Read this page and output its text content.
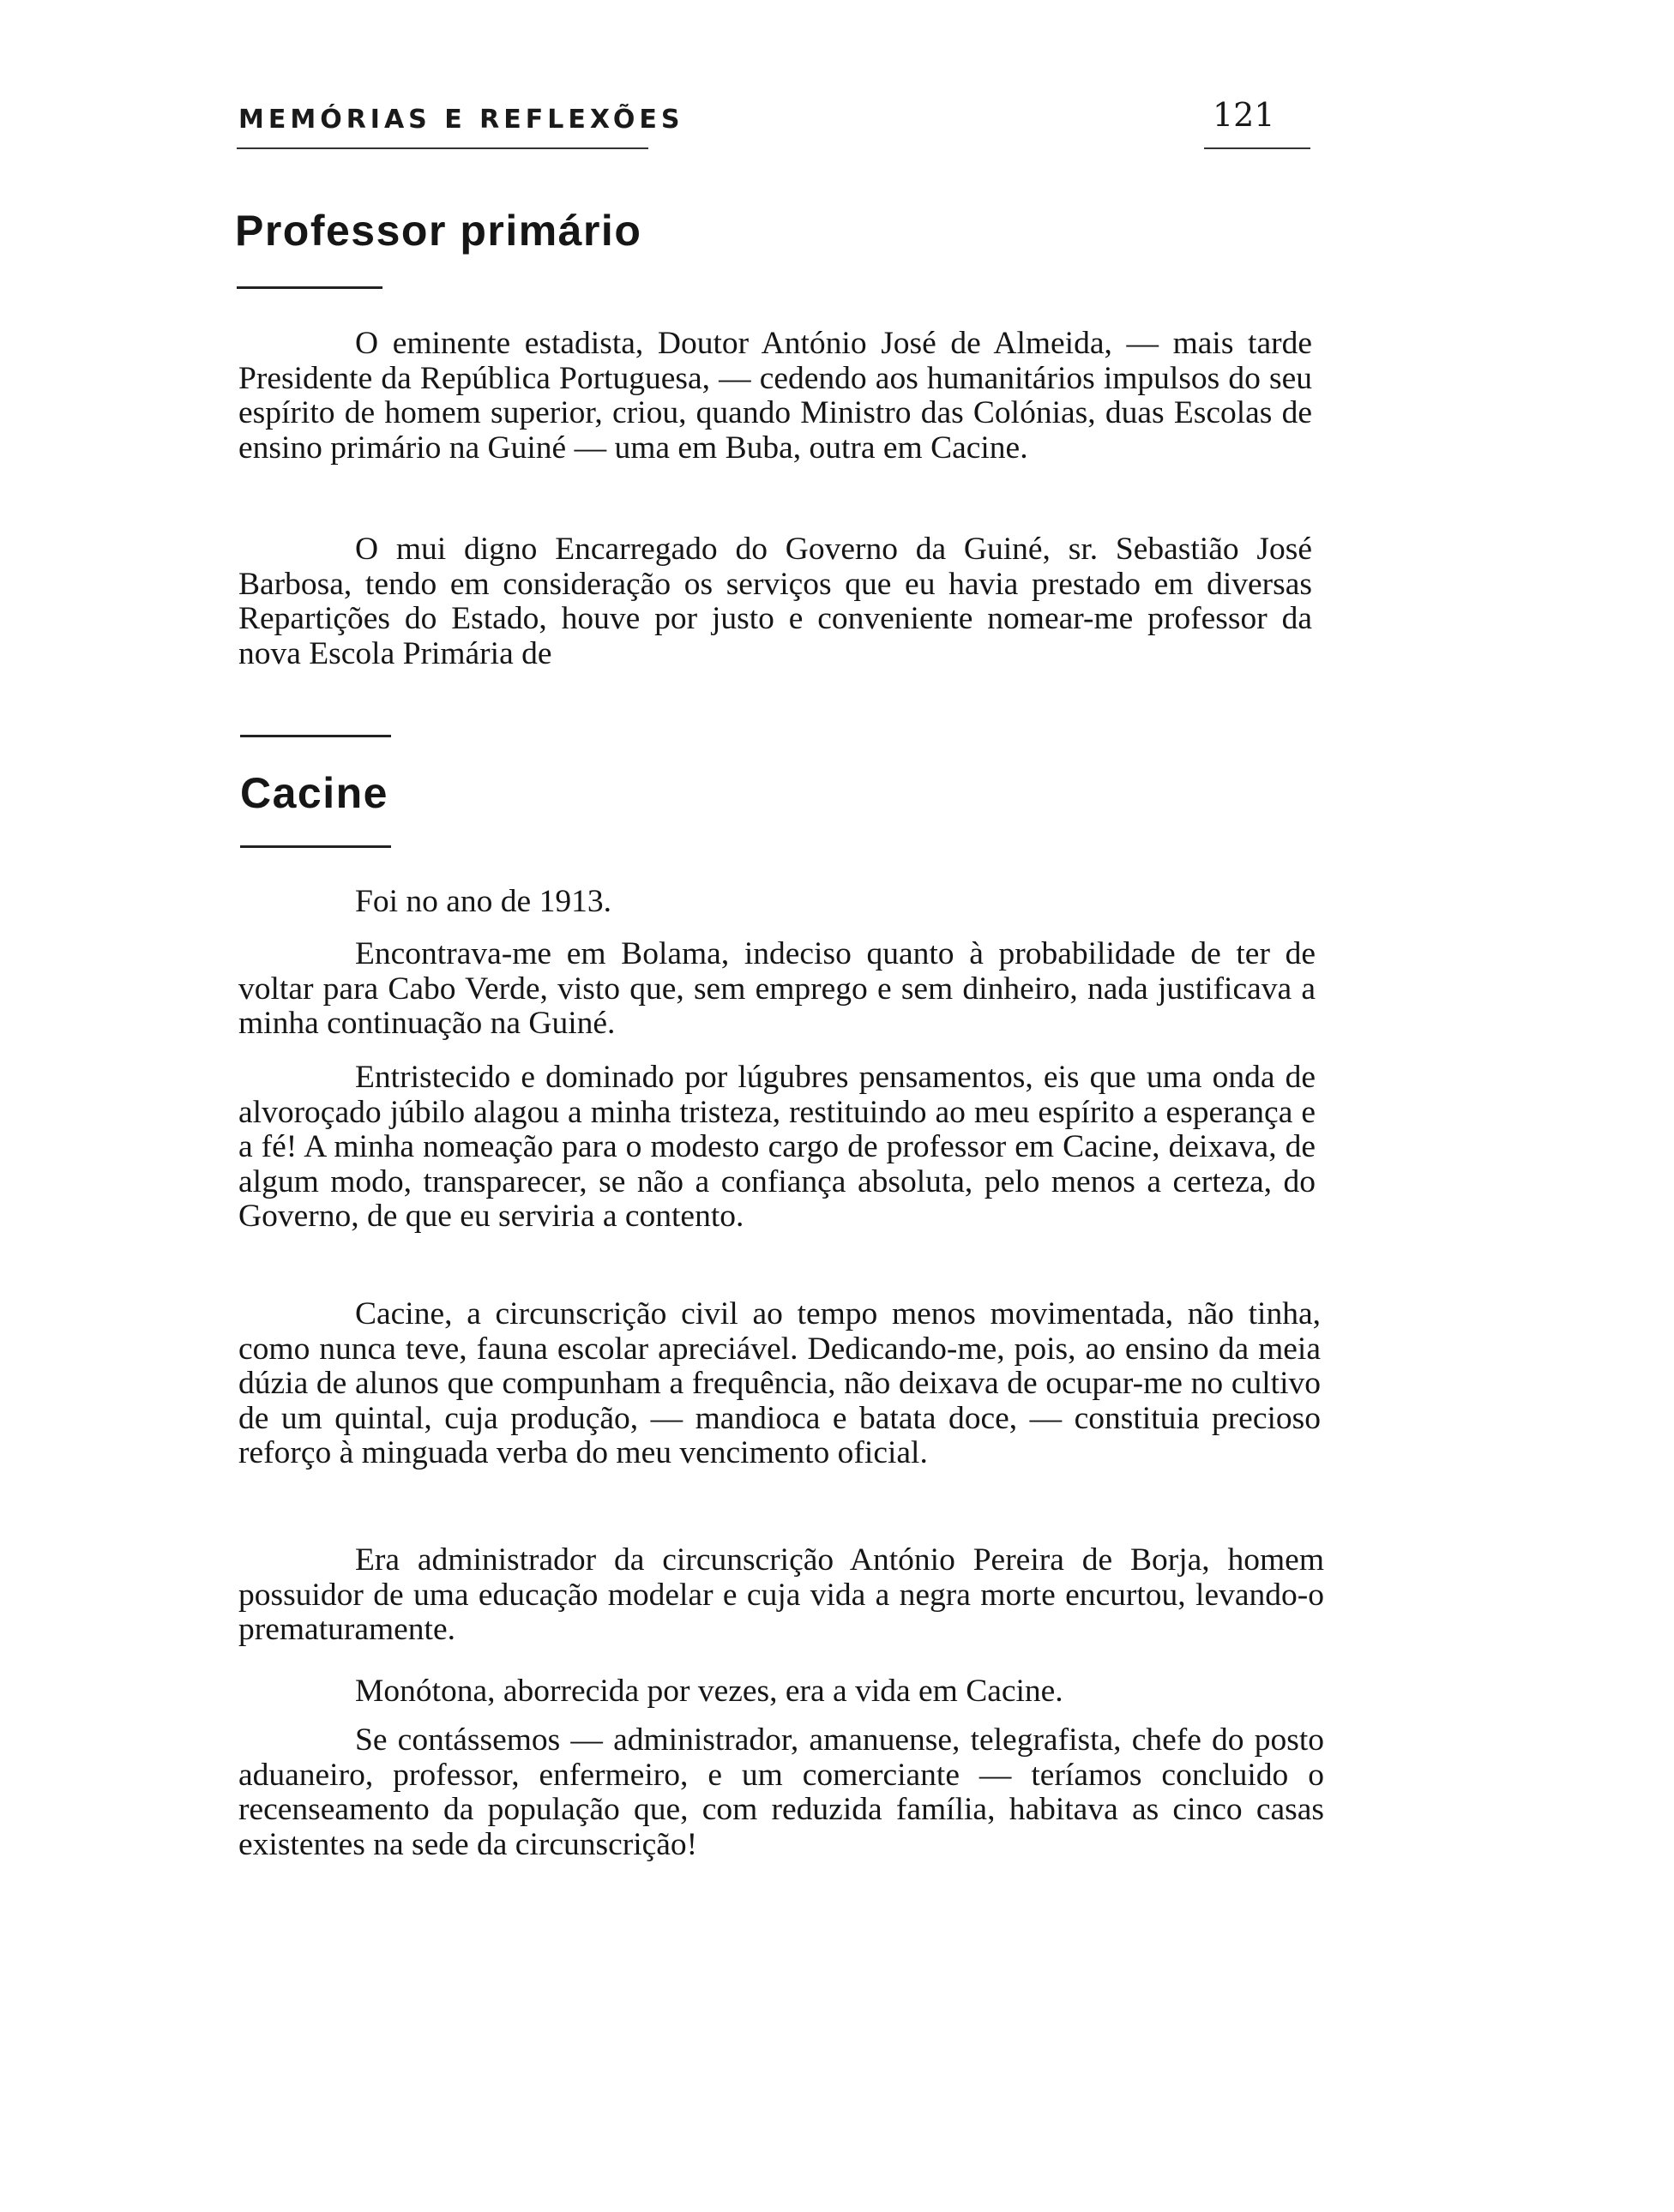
MEMÓRIAS E REFLEXÕES	121
Professor primário

O eminente estadista, Doutor António José de Almeida, — mais tarde Presidente da República Portuguesa, — cedendo aos humanitários impulsos do seu espírito de homem superior, criou, quando Ministro das Colónias, duas Escolas de ensino primário na Guiné — uma em Buba, outra em Cacine.

O mui digno Encarregado do Governo da Guiné, sr. Sebastião José Barbosa, tendo em consideração os serviços que eu havia prestado em diversas Repartições do Estado, houve por justo e conveniente nomear-me professor da nova Escola Primária de

Cacine

Foi no ano de 1913.

Encontrava-me em Bolama, indeciso quanto à probabilidade de ter de voltar para Cabo Verde, visto que, sem emprego e sem dinheiro, nada justificava a minha continuação na Guiné.

Entristecido e dominado por lúgubres pensamentos, eis que uma onda de alvoroçado júbilo alagou a minha tristeza, restituindo ao meu espírito a esperança e a fé! A minha nomeação para o modesto cargo de professor em Cacine, deixava, de algum modo, transparecer, se não a confiança absoluta, pelo menos a certeza, do Governo, de que eu serviria a contento.

Cacine, a circunscrição civil ao tempo menos movimentada, não tinha, como nunca teve, fauna escolar apreciável. Dedicando-me, pois, ao ensino da meia dúzia de alunos que compunham a frequência, não deixava de ocupar-me no cultivo de um quintal, cuja produção, — mandioca e batata doce, — constituia precioso reforço à minguada verba do meu vencimento oficial.

Era administrador da circunscrição António Pereira de Borja, homem possuidor de uma educação modelar e cuja vida a negra morte encurtou, levando-o prematuramente.

Monótona, aborrecida por vezes, era a vida em Cacine.

Se contássemos — administrador, amanuense, telegrafista, chefe do posto aduaneiro, professor, enfermeiro, e um comerciante — teríamos concluido o recenseamento da população que, com reduzida família, habitava as cinco casas existentes na sede da circunscrição!
